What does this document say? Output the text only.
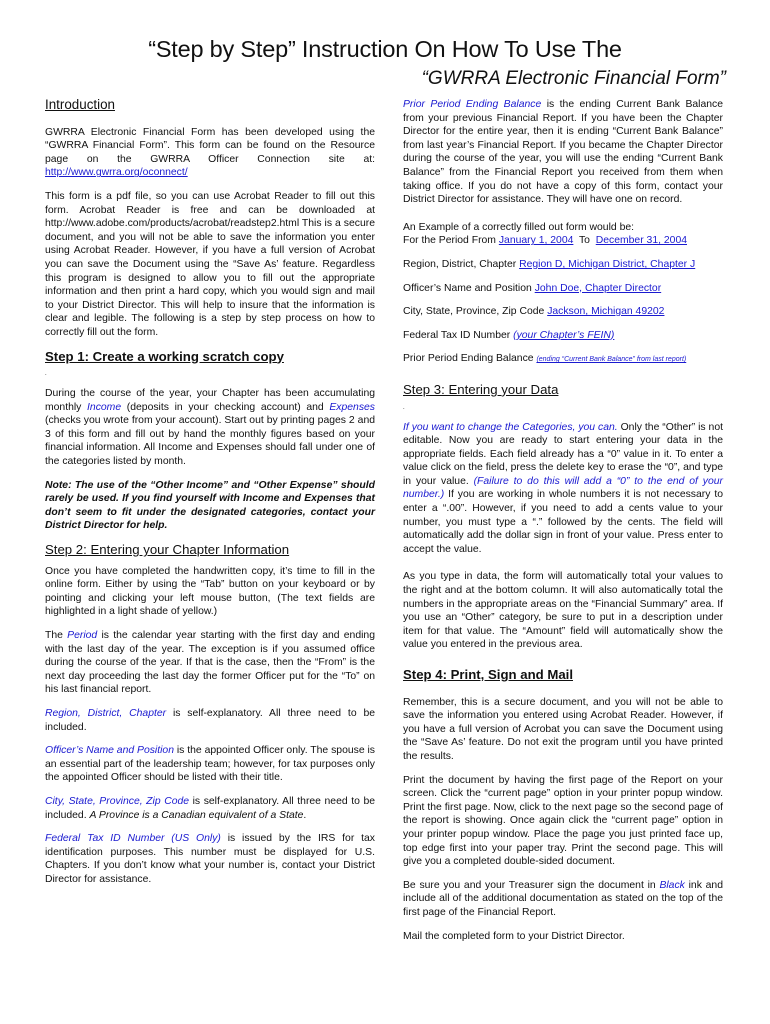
“Step by Step” Instruction On How To Use The
“GWRRA Electronic Financial Form”
Introduction

GWRRA Electronic Financial Form has been developed using the “GWRRA Financial Form”. This form can be found on the Resource page on the GWRRA Officer Connection site at: http://www.gwrra.org/oconnect/

This form is a pdf file, so you can use Acrobat Reader to fill out this form. Acrobat Reader is free and can be downloaded at http://www.adobe.com/products/acrobat/readstep2.html This is a secure document, and you will not be able to save the information you enter using Acrobat Reader. However, if you have a full version of Acrobat you can save the Document using the “Save As’ feature. Regardless this program is designed to allow you to fill out the appropriate information and then print a hard copy, which you would sign and mail to your District Director. This will help to insure that the information is clear and legible. The following is a step by step process on how to correctly fill out the form.

Step 1: Create a working scratch copy

.

During the course of the year, your Chapter has been accumulating monthly Income (deposits in your checking account) and Expenses (checks you wrote from your account). Start out by printing pages 2 and 3 of this form and fill out by hand the monthly figures based on your financial information. All Income and Expenses should fall under one of the categories listed by month.

Note: The use of the “Other Income” and “Other Expense” should rarely be used. If you find yourself with Income and Expenses that don’t seem to fit under the designated categories, contact your District Director for help.

Step 2: Entering your Chapter Information

Once you have completed the handwritten copy, it’s time to fill in the online form. Either by using the “Tab” button on your keyboard or by pointing and clicking your left mouse button, (The text fields are highlighted in a light shade of yellow.)

The Period is the calendar year starting with the first day and ending with the last day of the year. The exception is if you assumed office during the course of the year. If that is the case, then the “From” is the next day proceeding the last day the former Officer put for the “To” on his last financial report.

Region, District, Chapter is self-explanatory. All three need to be included.

Officer’s Name and Position is the appointed Officer only. The spouse is an essential part of the leadership team; however, for tax purposes only the appointed Officer should be listed with their title.

City, State, Province, Zip Code is self-explanatory. All three need to be included. A Province is a Canadian equivalent of a State.

Federal Tax ID Number (US Only) is issued by the IRS for tax identification purposes. This number must be displayed for U.S. Chapters. If you don’t know what your number is, contact your District Director for assistance.

Prior Period Ending Balance is the ending Current Bank Balance from your previous Financial Report. If you have been the Chapter Director for the entire year, then it is ending “Current Bank Balance” from last year’s Financial Report. If you became the Chapter Director during the course of the year, you will use the ending “Current Bank Balance” from the Financial Report you received from them when taking office. If you do not have a copy of this form, contact your District Director for assistance. They will have one on record.

An Example of a correctly filled out form would be:

For the Period From January 1, 2004  To  December 31, 2004

Region, District, Chapter Region D, Michigan District, Chapter J

Officer’s Name and Position John Doe, Chapter Director

City, State, Province, Zip Code Jackson, Michigan 49202

Federal Tax ID Number (your Chapter’s FEIN)

Prior Period Ending Balance (ending “Current Bank Balance” from last report)

Step 3: Entering your Data

.

If you want to change the Categories, you can. Only the “Other” is not editable. Now you are ready to start entering your data in the appropriate fields. Each field already has a “0” value in it. To enter a value click on the field, press the delete key to erase the “0”, and type in your value. (Failure to do this will add a “0” to the end of your number.) If you are working in whole numbers it is not necessary to enter a “.00”. However, if you need to add a cents value to your number, you must type a “.” followed by the cents. The field will automatically add the dollar sign in front of your value. Press enter to accept the value.

As you type in data, the form will automatically total your values to the right and at the bottom column. It will also automatically total the numbers in the appropriate areas on the “Financial Summary” area. If you use an “Other” category, be sure to put in a description under item for that value. The “Amount” field will automatically show the value you entered in the previous area.

Step 4: Print, Sign and Mail

Remember, this is a secure document, and you will not be able to save the information you entered using Acrobat Reader. However, if you have a full version of Acrobat you can save the Document using the “Save As’ feature. Do not exit the program until you have printed the results.

Print the document by having the first page of the Report on your screen. Click the “current page” option in your printer popup window. Print the first page. Now, click to the next page so the second page of the report is showing. Once again click the “current page” option in your printer popup window. Place the page you just printed face up, top edge first into your paper tray. Print the second page. This will give you a completed double-sided document.

Be sure you and your Treasurer sign the document in Black ink and include all of the additional documentation as stated on the top of the first page of the Financial Report.

Mail the completed form to your District Director.
